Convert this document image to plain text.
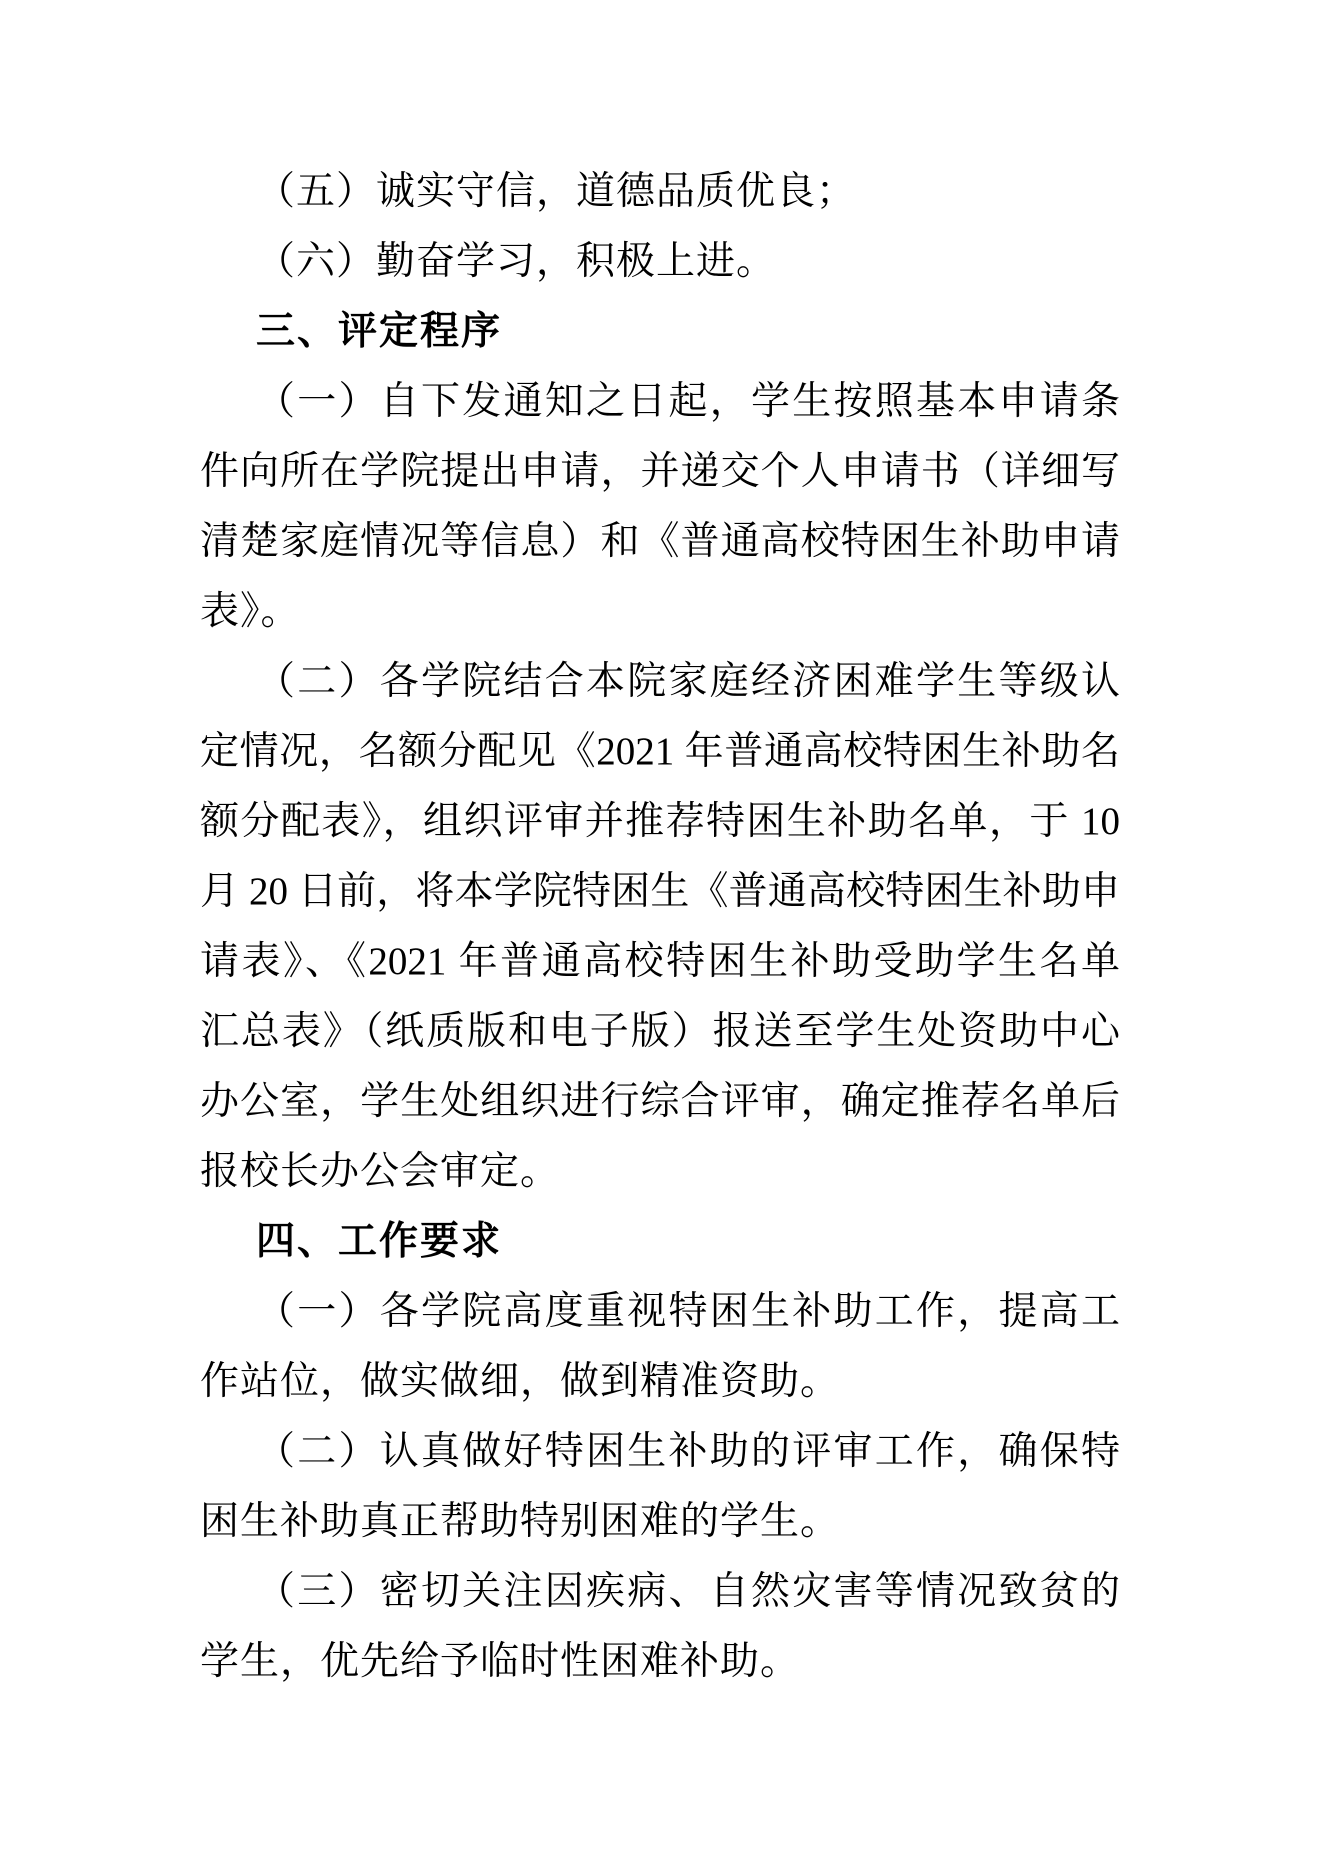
（五）诚实守信，道德品质优良；
（六）勤奋学习，积极上进。
三、评定程序
（一）自下发通知之日起，学生按照基本申请条
件向所在学院提出申请，并递交个人申请书（详细写
清楚家庭情况等信息）和《普通高校特困生补助申请
表》。
（二）各学院结合本院家庭经济困难学生等级认
定情况，名额分配见《2021 年普通高校特困生补助名
额分配表》，组织评审并推荐特困生补助名单，于 10
月 20 日前，将本学院特困生《普通高校特困生补助申
请表》、《2021 年普通高校特困生补助受助学生名单
汇总表》（纸质版和电子版）报送至学生处资助中心
办公室，学生处组织进行综合评审，确定推荐名单后
报校长办公会审定。
四、工作要求
（一）各学院高度重视特困生补助工作，提高工
作站位，做实做细，做到精准资助。
（二）认真做好特困生补助的评审工作，确保特
困生补助真正帮助特别困难的学生。
（三）密切关注因疾病、自然灾害等情况致贫的
学生，优先给予临时性困难补助。
